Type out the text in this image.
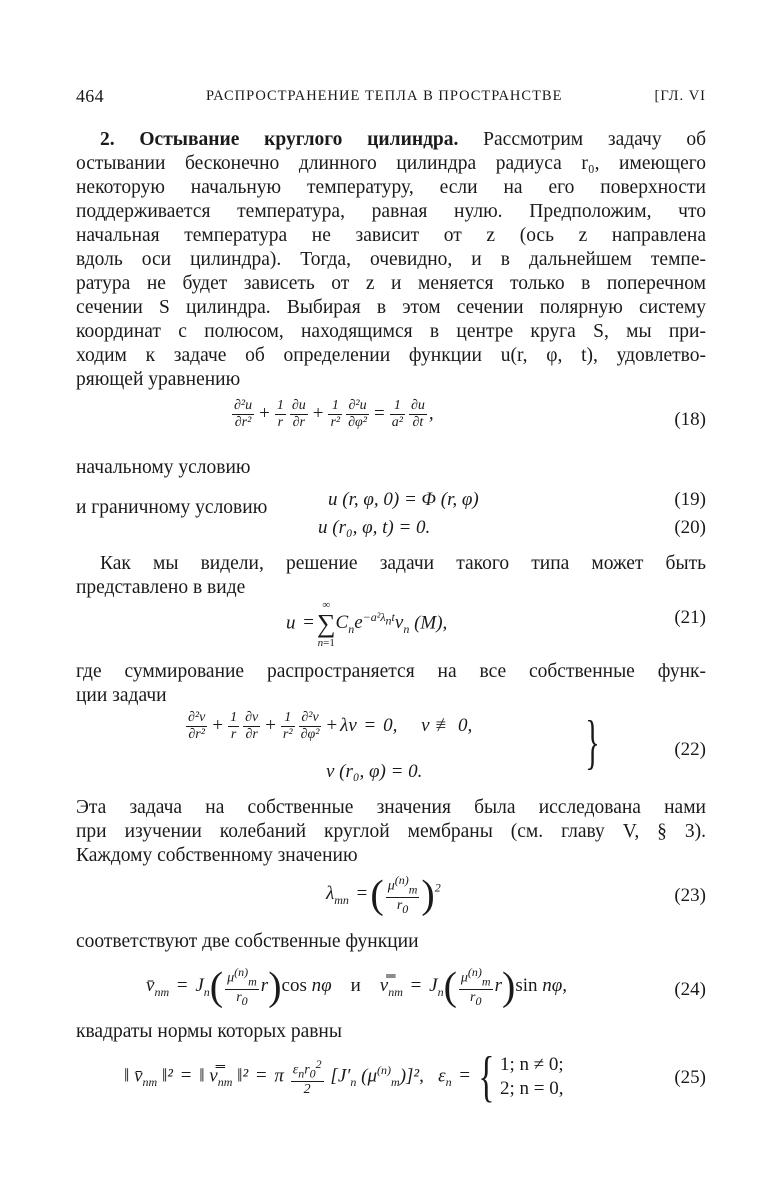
464	РАСПРОСТРАНЕНИЕ ТЕПЛА В ПРОСТРАНСТВЕ	[ГЛ. VI
2. Остывание круглого цилиндра. Рассмотрим задачу об
остывании бесконечно длинного цилиндра радиуса r₀, имеющего
некоторую начальную температуру, если на его поверхности
поддерживается температура, равная нулю. Предположим, что
начальная температура не зависит от z (ось z направлена
вдоль оси цилиндра). Тогда, очевидно, и в дальнейшем темпе-
ратура не будет зависеть от z и меняется только в поперечном
сечении S цилиндра. Выбирая в этом сечении полярную систему
координат с полюсом, находящимся в центре круга S, мы при-
ходим к задаче об определении функции u(r, φ, t), удовлетво-
ряющей уравнению
$\frac{\text{∂²u}}{\text{∂r²}} + \frac{1}{r} \frac{\partial u}{\partial r} + \frac{1}{\text{r²}} \frac{\text{∂²u}}{\text{∂φ²}} = \frac{1}{\text{a²}} \frac{\partial u}{\partial t}$ ,	(18)
начальному условию
u (r, φ, 0) = Φ (r, φ)	(19)
и граничному условию
u (r₀, φ, t) = 0.	(20)
Как мы видели, решение задачи такого типа может быть
представлено в виде
u =
∞
∑
n=1
$C_ne^{-a^2\lambda_nt}v_n$ (M),	(21)
где суммирование распространяется на все собственные функ-
ции задачи
$\frac{\text{∂²v}}{\text{∂r²}} + \frac{1}{r} \frac{\partial v}{\partial r} + \frac{1}{\text{r²}} \frac{\text{∂²v}}{\text{∂φ²}} + \lambda v = 0$,     v ≢ 0,
v (r₀, φ) = 0.	}	(22)
Эта задача на собственные значения была исследована нами
при изучении колебаний круглой мембраны (см. главу V, § 3).
Каждому собственному значению
$\lambda_{mn}$ =( $\frac{\mu^{(n)}_m}{r_0} )^2$	(23)
соответствуют две собственные функции
$v̄_{nm} = J_n( \frac{\mu^{(n)}_m}{r_0} r)\cos$ nφ    и    $v̿_{nm} = J_n( \frac{\mu^{(n)}_m}{r_0} r)\sin$ nφ,	(24)
квадраты нормы которых равны
‖ $v̄_{nm}$ ‖² = ‖ $v̿_{nm}$ ‖² = π $\frac{\varepsilon_nr_0^2}{2} [J'_n$ $(\mu^{(n)}_m)]^2$,   $\varepsilon_n$ = { 1; n ≠ 0;
2; n = 0,
(25)
